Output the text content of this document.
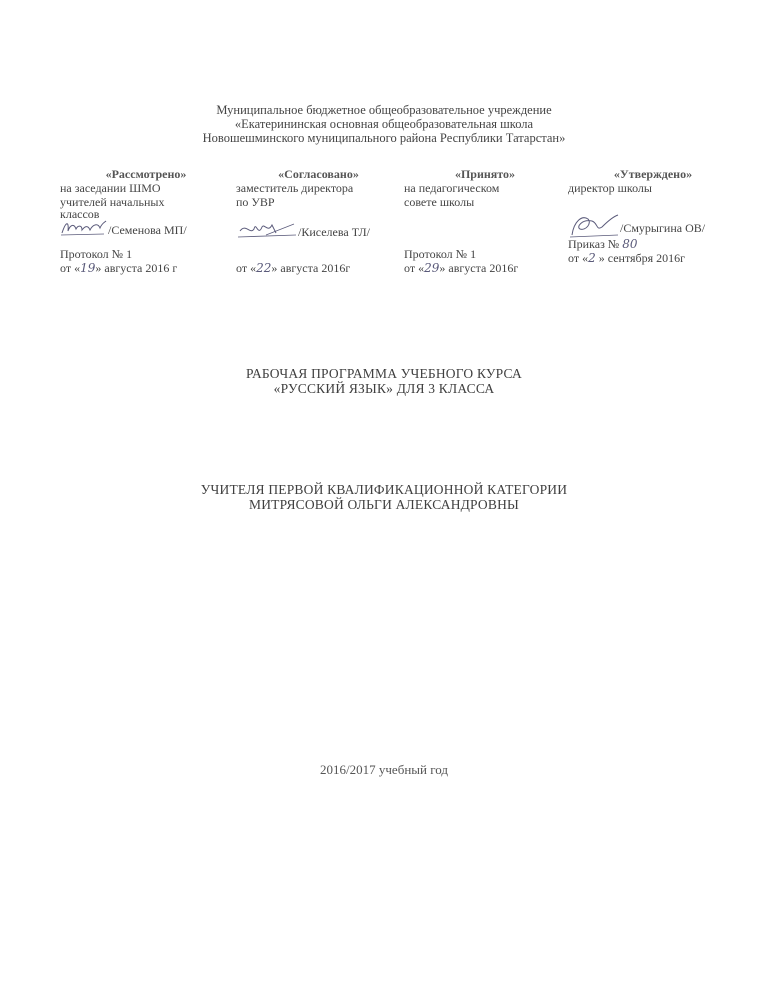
Муниципальное бюджетное общеобразовательное учреждение
«Екатерининская основная общеобразовательная школа
Новошешминского муниципального района Республики Татарстан»
«Рассмотрено»
на заседании ШМО
учителей начальных
классов
/Семенова МП/
Протокол № 1
от «19» августа 2016 г
«Согласовано»
заместитель директора
по УВР
/Киселева ТЛ/
от «22» августа 2016г
«Принято»
на педагогическом
совете школы
Протокол № 1
от «29» августа 2016г
«Утверждено»
директор школы
/Смурыгина ОВ/
Приказ № 80
от «2 » сентября 2016г
РАБОЧАЯ ПРОГРАММА УЧЕБНОГО КУРСА
«РУССКИЙ ЯЗЫК» ДЛЯ 3 КЛАССА
УЧИТЕЛЯ ПЕРВОЙ КВАЛИФИКАЦИОННОЙ КАТЕГОРИИ
МИТРЯСОВОЙ ОЛЬГИ АЛЕКСАНДРОВНЫ
2016/2017 учебный год
